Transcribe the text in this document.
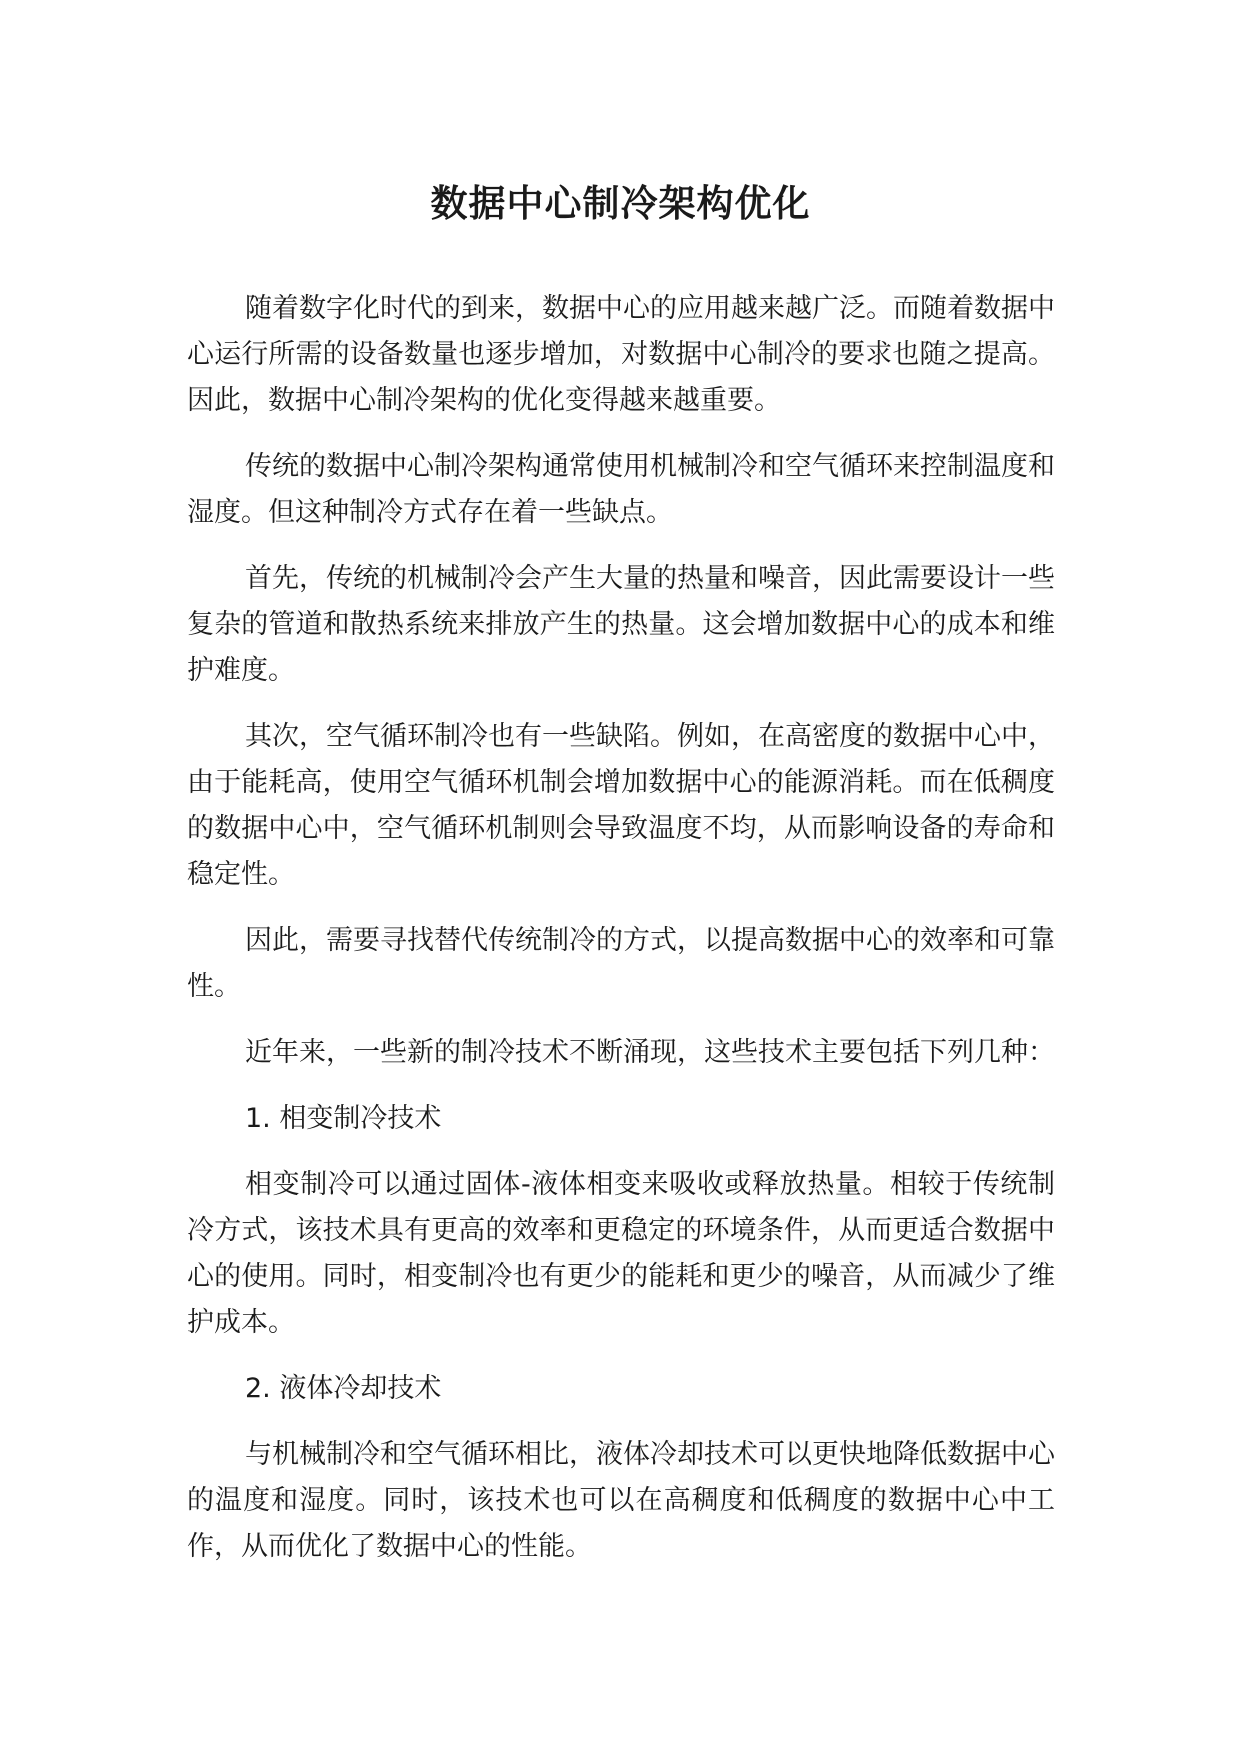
数据中心制冷架构优化

随着数字化时代的到来，数据中心的应用越来越广泛。而随着数据中心运行所需的设备数量也逐步增加，对数据中心制冷的要求也随之提高。因此，数据中心制冷架构的优化变得越来越重要。

传统的数据中心制冷架构通常使用机械制冷和空气循环来控制温度和湿度。但这种制冷方式存在着一些缺点。

首先，传统的机械制冷会产生大量的热量和噪音，因此需要设计一些复杂的管道和散热系统来排放产生的热量。这会增加数据中心的成本和维护难度。

其次，空气循环制冷也有一些缺陷。例如，在高密度的数据中心中，由于能耗高，使用空气循环机制会增加数据中心的能源消耗。而在低稠度的数据中心中，空气循环机制则会导致温度不均，从而影响设备的寿命和稳定性。

因此，需要寻找替代传统制冷的方式，以提高数据中心的效率和可靠性。

近年来，一些新的制冷技术不断涌现，这些技术主要包括下列几种：

1. 相变制冷技术

相变制冷可以通过固体-液体相变来吸收或释放热量。相较于传统制冷方式，该技术具有更高的效率和更稳定的环境条件，从而更适合数据中心的使用。同时，相变制冷也有更少的能耗和更少的噪音，从而减少了维护成本。

2. 液体冷却技术

与机械制冷和空气循环相比，液体冷却技术可以更快地降低数据中心的温度和湿度。同时，该技术也可以在高稠度和低稠度的数据中心中工作，从而优化了数据中心的性能。
